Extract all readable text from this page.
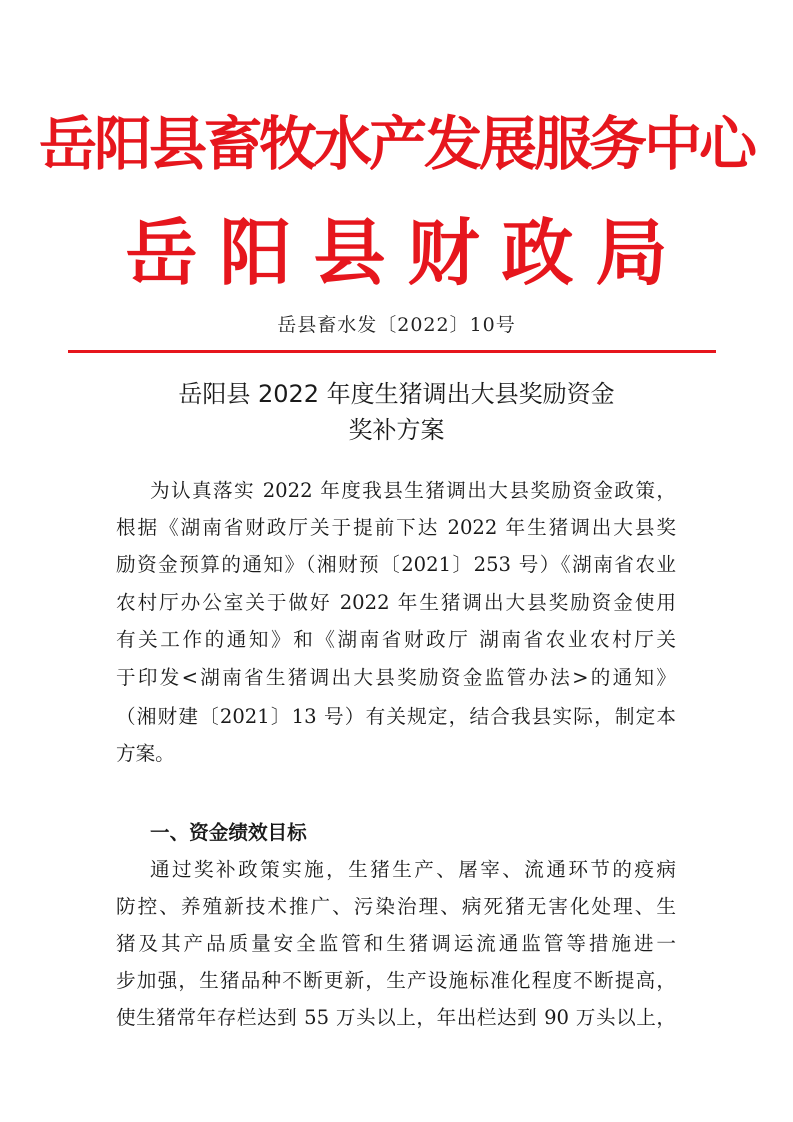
岳阳县畜牧水产发展服务中心
岳阳县财政局
岳县畜水发〔2022〕10号
岳阳县 2022 年度生猪调出大县奖励资金
奖补方案
为认真落实 2022 年度我县生猪调出大县奖励资金政策，
根据《湖南省财政厅关于提前下达 2022 年生猪调出大县奖
励资金预算的通知》（湘财预〔2021〕253 号）《湖南省农业
农村厅办公室关于做好 2022 年生猪调出大县奖励资金使用
有关工作的通知》和《湖南省财政厅 湖南省农业农村厅关
于印发<湖南省生猪调出大县奖励资金监管办法>的通知》
（湘财建〔2021〕13 号）有关规定，结合我县实际，制定本
方案。
一、资金绩效目标
通过奖补政策实施，生猪生产、屠宰、流通环节的疫病
防控、养殖新技术推广、污染治理、病死猪无害化处理、生
猪及其产品质量安全监管和生猪调运流通监管等措施进一
步加强，生猪品种不断更新，生产设施标准化程度不断提高，
使生猪常年存栏达到 55 万头以上，年出栏达到 90 万头以上，
